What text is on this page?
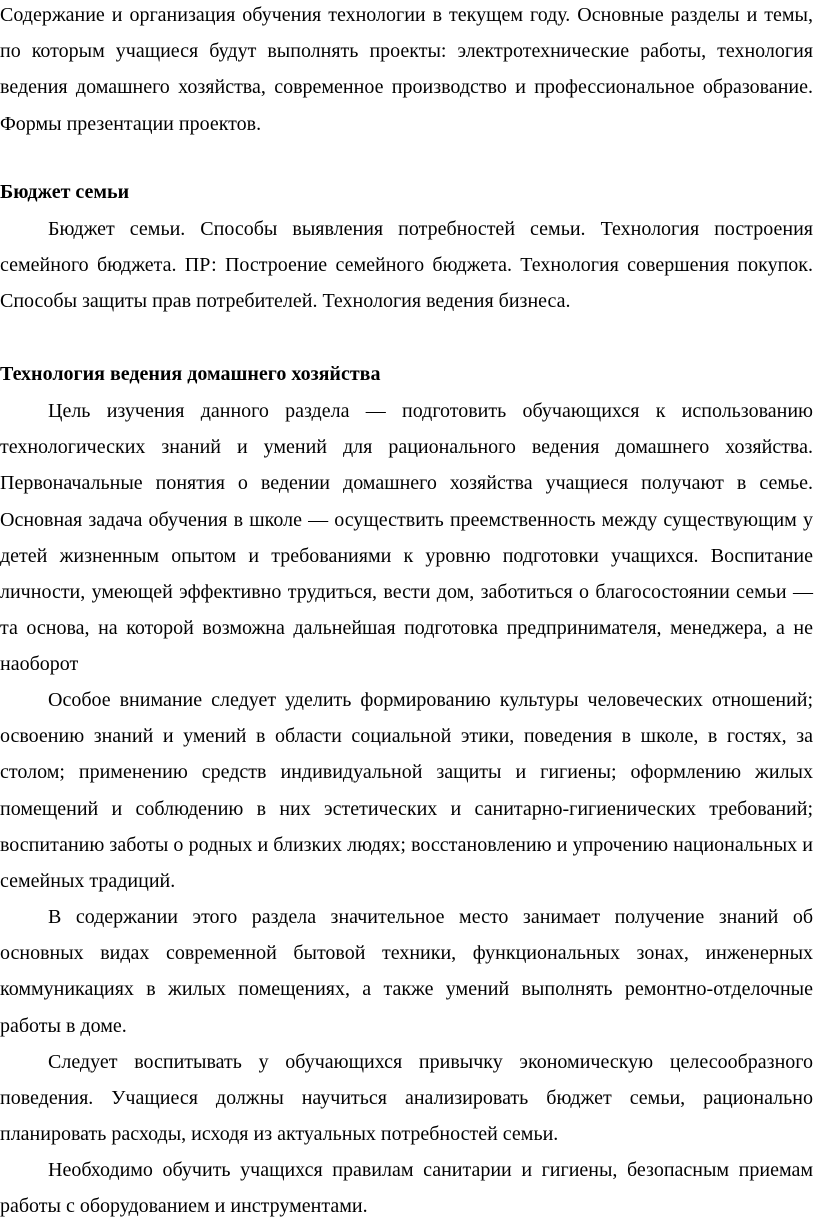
Содержание и организация обучения технологии в текущем году. Основные разделы и темы, по которым учащиеся будут выполнять проекты: электротехнические работы, технология ведения домашнего хозяйства, современное производство и профессиональное образование. Формы презентации проектов.

Бюджет семьи

Бюджет семьи. Способы выявления потребностей семьи. Технология построения семейного бюджета. ПР: Построение семейного бюджета. Технология совершения покупок. Способы защиты прав потребителей. Технология ведения бизнеса.

Технология ведения домашнего хозяйства

Цель изучения данного раздела — подготовить обучающихся к использованию технологических знаний и умений для рационального ведения домашнего хозяйства. Первоначальные понятия о ведении домашнего хозяйства учащиеся получают в семье. Основная задача обучения в школе — осуществить преемственность между существующим у детей жизненным опытом и требованиями к уровню подготовки учащихся. Воспитание личности, умеющей эффективно трудиться, вести дом, заботиться о благосостоянии семьи — та основа, на которой возможна дальнейшая подготовка предпринимателя, менеджера, а не наоборот

Особое внимание следует уделить формированию культуры человеческих отношений; освоению знаний и умений в области социальной этики, поведения в школе, в гостях, за столом; применению средств индивидуальной защиты и гигиены; оформлению жилых помещений и соблюдению в них эстетических и санитарно-гигиенических требований; воспитанию заботы о родных и близких людях; восстановлению и упрочению национальных и семейных традиций.

В содержании этого раздела значительное место занимает получение знаний об основных видах современной бытовой техники, функциональных зонах, инженерных коммуникациях в жилых помещениях, а также умений выполнять ремонтно-отделочные работы в доме.

Следует воспитывать у обучающихся привычку экономическую целесообразного поведения. Учащиеся должны научиться анализировать бюджет семьи, рационально планировать расходы, исходя из актуальных потребностей семьи.

Необходимо обучить учащихся правилам санитарии и гигиены, безопасным приемам работы с оборудованием и инструментами.
